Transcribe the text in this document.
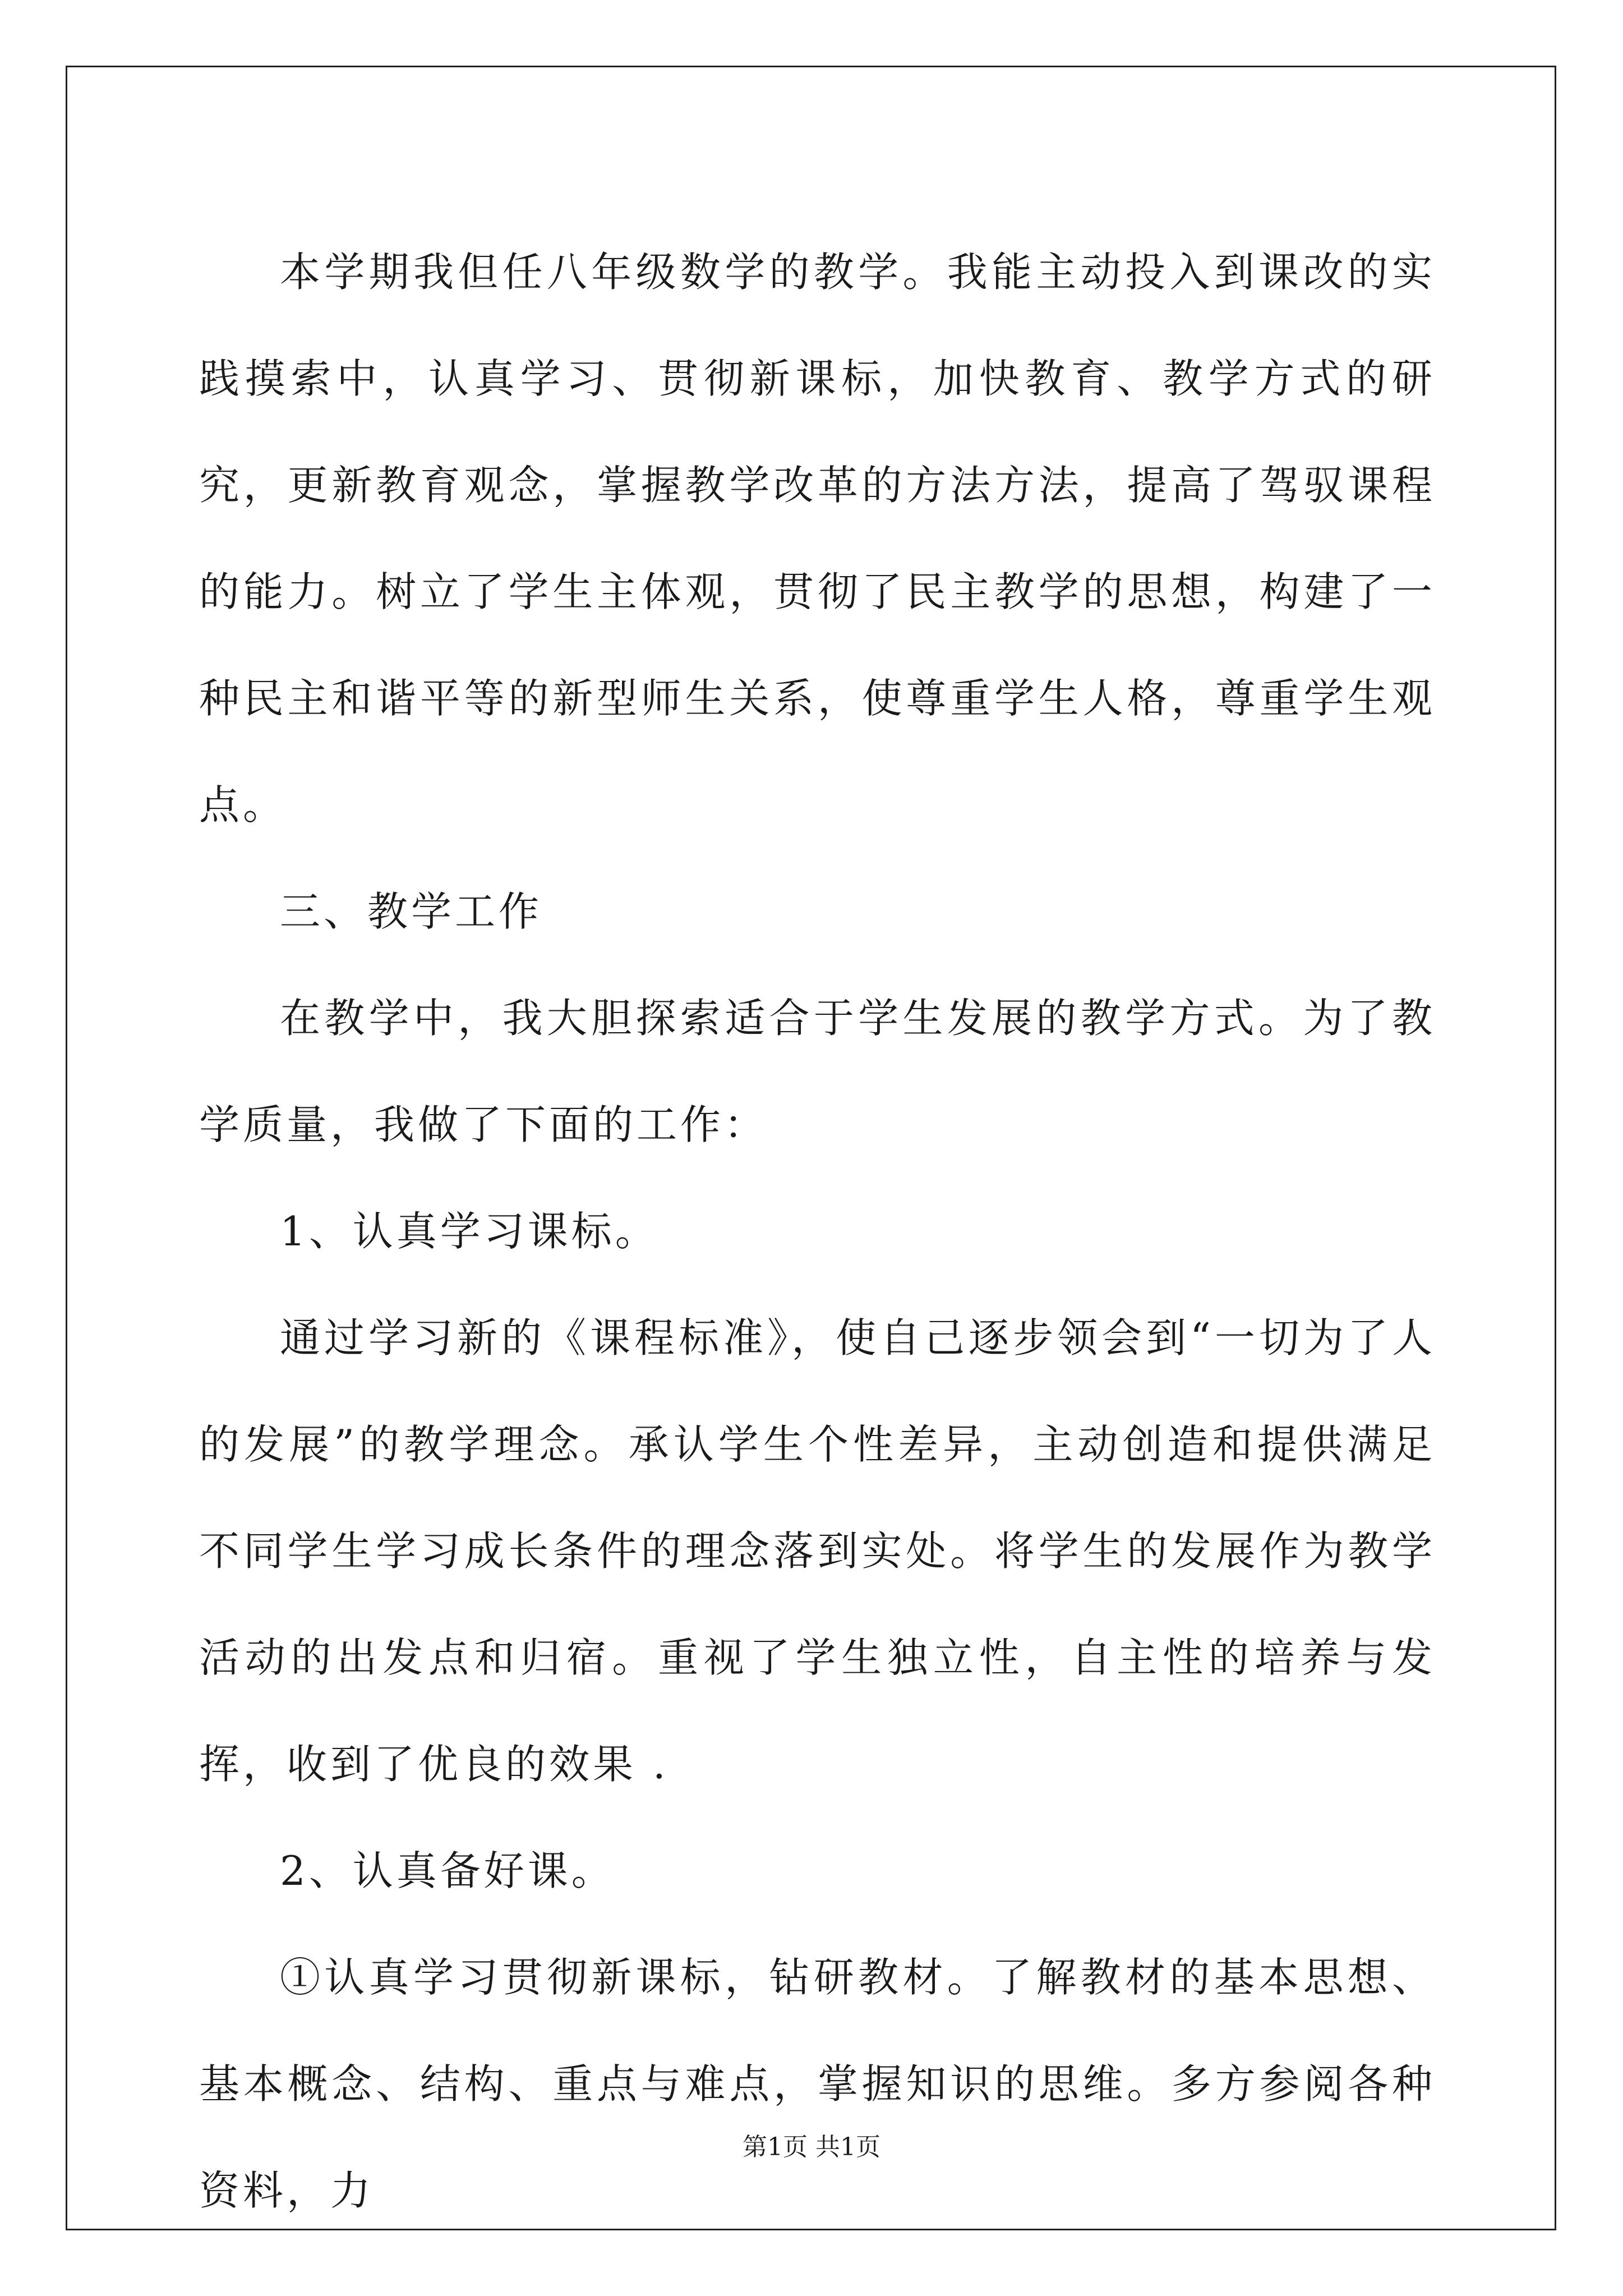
本学期我但任八年级数学的教学。我能主动投入到课改的实践摸索中，认真学习、贯彻新课标，加快教育、教学方式的研究，更新教育观念，掌握教学改革的方法方法，提高了驾驭课程的能力。树立了学生主体观，贯彻了民主教学的思想，构建了一种民主和谐平等的新型师生关系，使尊重学生人格，尊重学生观点。

三、教学工作

在教学中，我大胆探索适合于学生发展的教学方式。为了教学质量，我做了下面的工作：

1、认真学习课标。

通过学习新的《课程标准》，使自己逐步领会到“一切为了人的发展”的教学理念。承认学生个性差异，主动创造和提供满足不同学生学习成长条件的理念落到实处。将学生的发展作为教学活动的出发点和归宿。重视了学生独立性，自主性的培养与发挥，收到了优良的效果 .

2、认真备好课。

①认真学习贯彻新课标，钻研教材。了解教材的基本思想、基本概念、结构、重点与难点，掌握知识的思维。多方参阅各种资料，力

第1页 共1页
